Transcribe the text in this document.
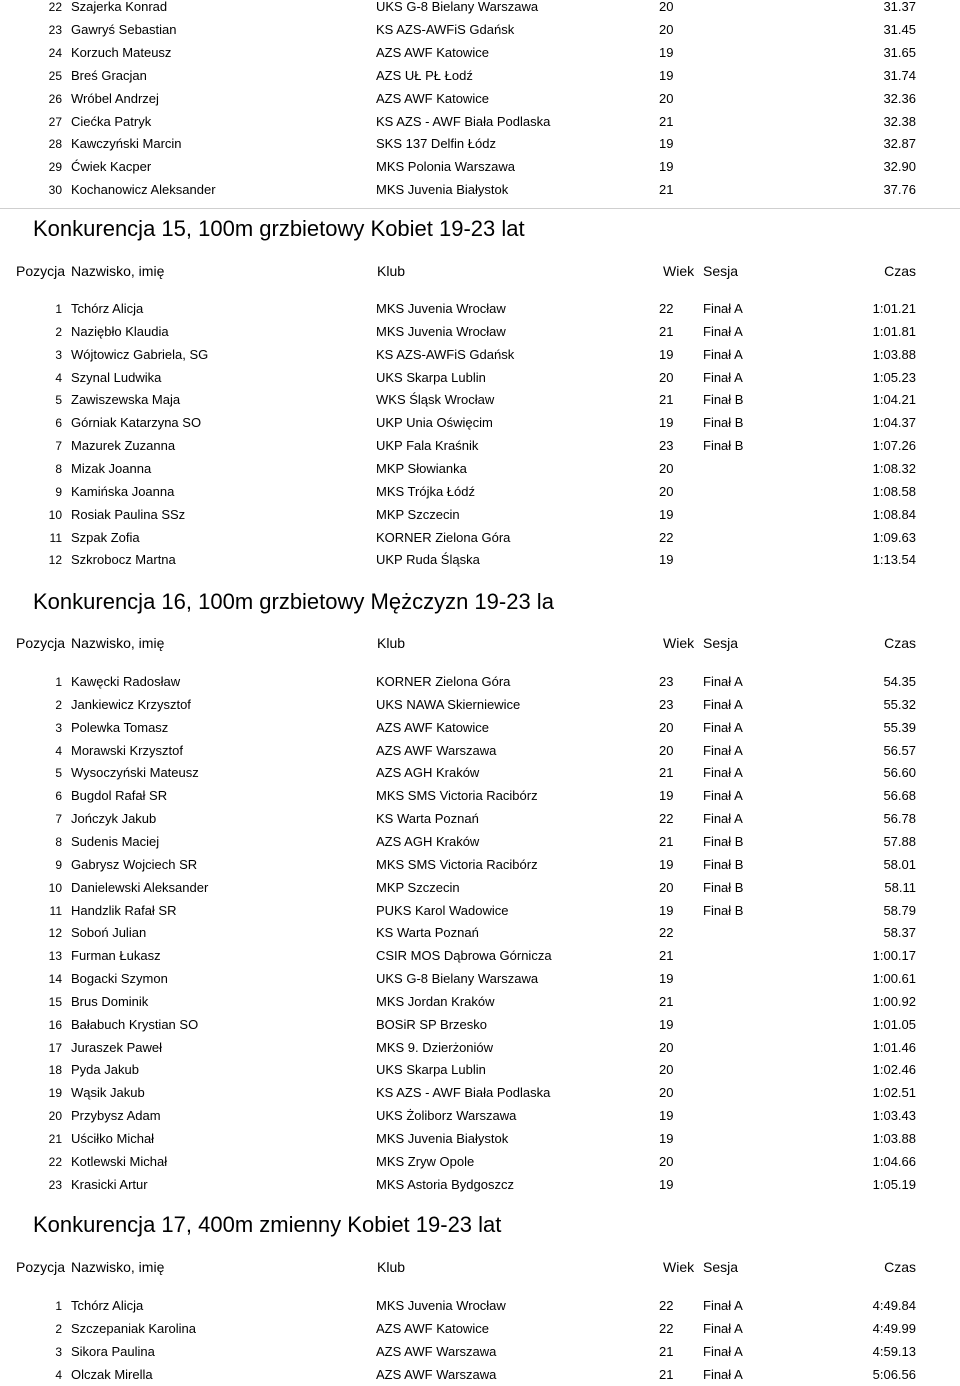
22 Szajerka Konrad	UKS G-8 Bielany Warszawa	20	31.37
23 Gawryś Sebastian	KS AZS-AWFiS Gdańsk	20	31.45
24 Korzuch Mateusz	AZS AWF Katowice	19	31.65
25 Breś Gracjan	AZS UŁ PŁ Łodź	19	31.74
26 Wróbel Andrzej	AZS AWF Katowice	20	32.36
27 Ciećka Patryk	KS AZS - AWF Biała Podlaska	21	32.38
28 Kawczyński Marcin	SKS 137 Delfin Łódz	19	32.87
29 Ćwiek Kacper	MKS Polonia Warszawa	19	32.90
30 Kochanowicz Aleksander	MKS Juvenia Białystok	21	37.76
Konkurencja 15, 100m grzbietowy Kobiet 19-23 lat
Pozycja Nazwisko, imię	Klub	Wiek Sesja	Czas
1 Tchórz Alicja	MKS Juvenia Wrocław	22 Finał A	1:01.21
2 Naziębło Klaudia	MKS Juvenia Wrocław	21 Finał A	1:01.81
3 Wójtowicz Gabriela, SG	KS AZS-AWFiS Gdańsk	19 Finał A	1:03.88
4 Szynal Ludwika	UKS Skarpa Lublin	20 Finał A	1:05.23
5 Zawiszewska Maja	WKS Śląsk Wrocław	21 Finał B	1:04.21
6 Górniak Katarzyna SO	UKP Unia Oświęcim	19 Finał B	1:04.37
7 Mazurek Zuzanna	UKP Fala Kraśnik	23 Finał B	1:07.26
8 Mizak Joanna	MKP Słowianka	20	1:08.32
9 Kamińska Joanna	MKS Trójka Łódź	20	1:08.58
10 Rosiak Paulina SSz	MKP Szczecin	19	1:08.84
11 Szpak Zofia	KORNER Zielona Góra	22	1:09.63
12 Szkrobocz Martna	UKP Ruda Śląska	19	1:13.54
Konkurencja 16, 100m grzbietowy Mężczyzn 19-23 la
Pozycja Nazwisko, imię	Klub	Wiek Sesja	Czas
1 Kawęcki Radosław	KORNER Zielona Góra	23 Finał A	54.35
2 Jankiewicz Krzysztof	UKS NAWA Skierniewice	23 Finał A	55.32
3 Polewka Tomasz	AZS AWF Katowice	20 Finał A	55.39
4 Morawski Krzysztof	AZS AWF Warszawa	20 Finał A	56.57
5 Wysoczyński Mateusz	AZS AGH Kraków	21 Finał A	56.60
6 Bugdol Rafał SR	MKS SMS Victoria Racibórz	19 Finał A	56.68
7 Jończyk Jakub	KS Warta Poznań	22 Finał A	56.78
8 Sudenis Maciej	AZS AGH Kraków	21 Finał B	57.88
9 Gabrysz Wojciech SR	MKS SMS Victoria Racibórz	19 Finał B	58.01
10 Danielewski Aleksander	MKP Szczecin	20 Finał B	58.11
11 Handzlik Rafał SR	PUKS Karol Wadowice	19 Finał B	58.79
12 Soboń Julian	KS Warta Poznań	22	58.37
13 Furman Łukasz	CSIR MOS Dąbrowa Górnicza	21	1:00.17
14 Bogacki Szymon	UKS G-8 Bielany Warszawa	19	1:00.61
15 Brus Dominik	MKS Jordan Kraków	21	1:00.92
16 Bałabuch Krystian SO	BOSiR SP Brzesko	19	1:01.05
17 Juraszek Paweł	MKS 9. Dzierżoniów	20	1:01.46
18 Pyda Jakub	UKS Skarpa Lublin	20	1:02.46
19 Wąsik Jakub	KS AZS - AWF Biała Podlaska	20	1:02.51
20 Przybysz Adam	UKS Żoliborz Warszawa	19	1:03.43
21 Uściłko Michał	MKS Juvenia Białystok	19	1:03.88
22 Kotlewski Michał	MKS Zryw Opole	20	1:04.66
23 Krasicki Artur	MKS Astoria Bydgoszcz	19	1:05.19
Konkurencja 17, 400m zmienny Kobiet 19-23 lat
Pozycja Nazwisko, imię	Klub	Wiek Sesja	Czas
1 Tchórz Alicja	MKS Juvenia Wrocław	22 Finał A	4:49.84
2 Szczepaniak Karolina	AZS AWF Katowice	22 Finał A	4:49.99
3 Sikora Paulina	AZS AWF Warszawa	21 Finał A	4:59.13
4 Olczak Mirella	AZS AWF Warszawa	21 Finał A	5:06.56
